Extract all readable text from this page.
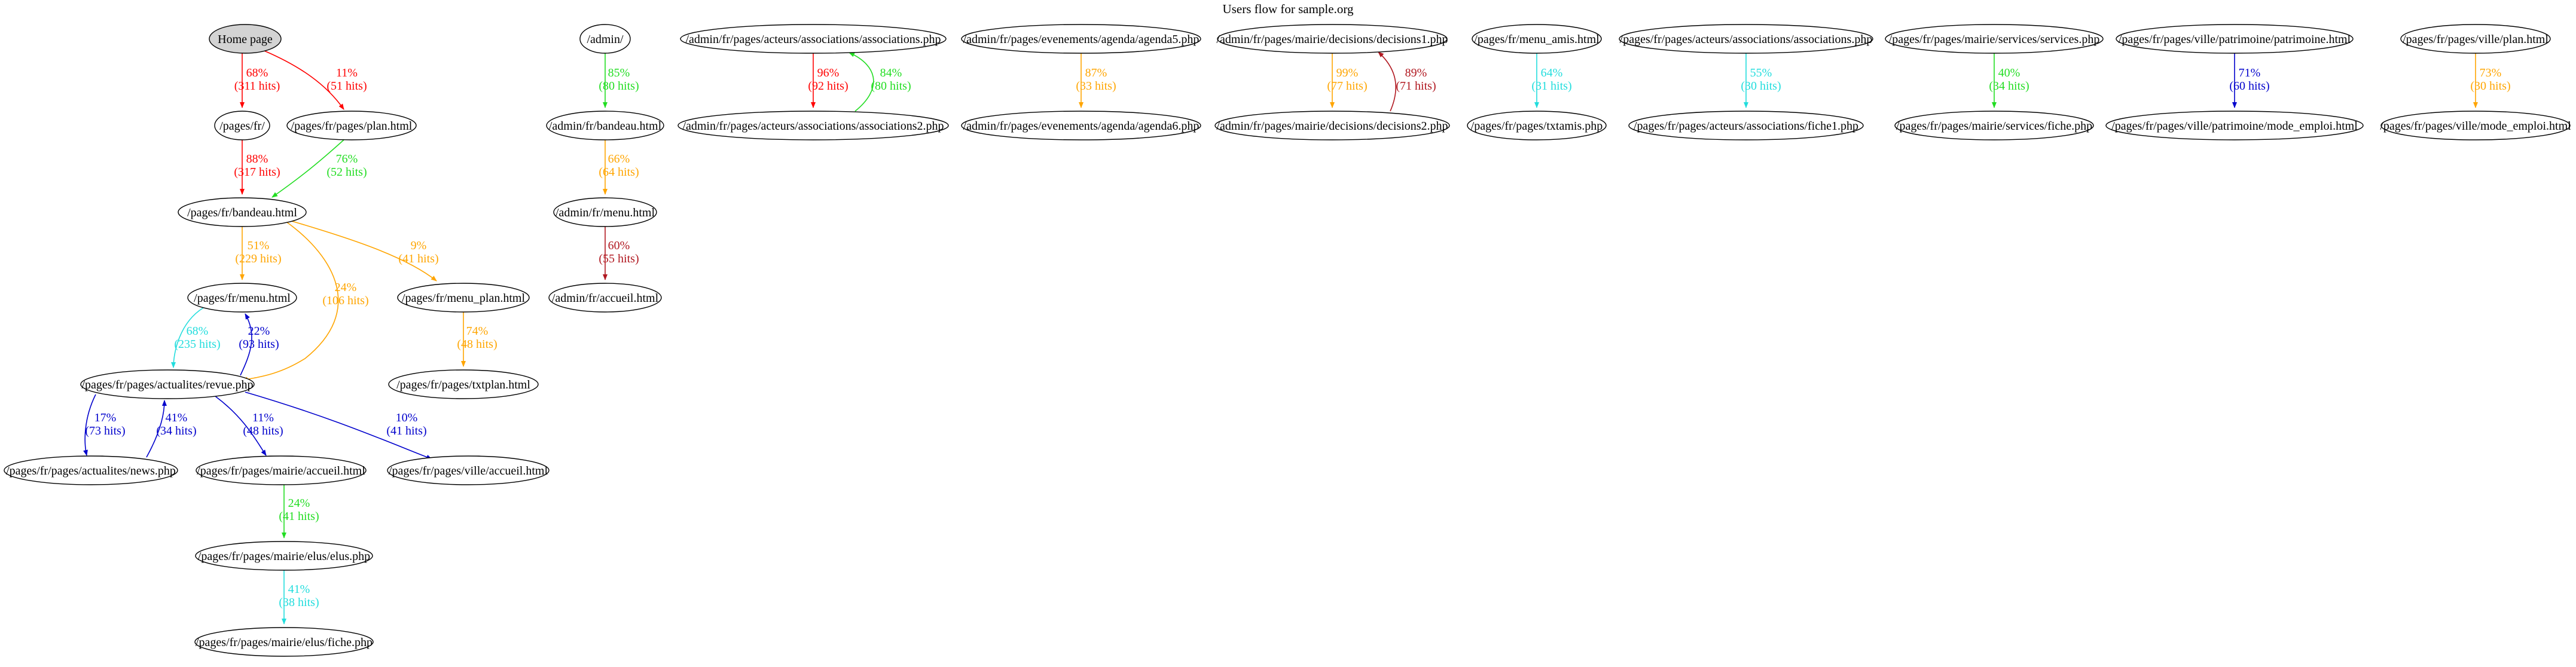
Users flow for sample.org
68%
(311 hits)
11%
(51 hits)
88%
(317 hits)
76%
(52 hits)
51%
(229 hits)
9%
(41 hits)
24%
(106 hits)
68%
(235 hits)
22%
(93 hits)
74%
(48 hits)
17%
(73 hits)
41%
(34 hits)
11%
(48 hits)
10%
(41 hits)
24%
(41 hits)
41%
(38 hits)
85%
(80 hits)
66%
(64 hits)
60%
(55 hits)
96%
(92 hits)
84%
(80 hits)
87%
(33 hits)
99%
(77 hits)
89%
(71 hits)
64%
(31 hits)
55%
(30 hits)
40%
(34 hits)
71%
(60 hits)
73%
(30 hits)
Home page
/pages/fr/ /pages/fr/pages/plan.html
/pages/fr/bandeau.html
/pages/fr/menu.html	/pages/fr/menu_plan.html
/pages/fr/pages/actualites/revue.php	/pages/fr/pages/txtplan.html
/pages/fr/pages/actualites/news.php /pages/fr/pages/mairie/accueil.html /pages/fr/pages/ville/accueil.html
/pages/fr/pages/mairie/elus/elus.php
/pages/fr/pages/mairie/elus/fiche.php
/admin/
/admin/fr/bandeau.html
/admin/fr/menu.html
/admin/fr/accueil.html
/admin/fr/pages/acteurs/associations/associations.php
/admin/fr/pages/acteurs/associations/associations2.php
/admin/fr/pages/evenements/agenda/agenda5.php
/admin/fr/pages/evenements/agenda/agenda6.php
/admin/fr/pages/mairie/decisions/decisions1.php
/admin/fr/pages/mairie/decisions/decisions2.php
/pages/fr/menu_amis.html
/pages/fr/pages/txtamis.php
/pages/fr/pages/acteurs/associations/associations.php
/pages/fr/pages/acteurs/associations/fiche1.php
/pages/fr/pages/mairie/services/services.php
/pages/fr/pages/mairie/services/fiche.php
/pages/fr/pages/ville/patrimoine/patrimoine.html
/pages/fr/pages/ville/patrimoine/mode_emploi.html
/pages/fr/pages/ville/plan.html
/pages/fr/pages/ville/mode_emploi.html
